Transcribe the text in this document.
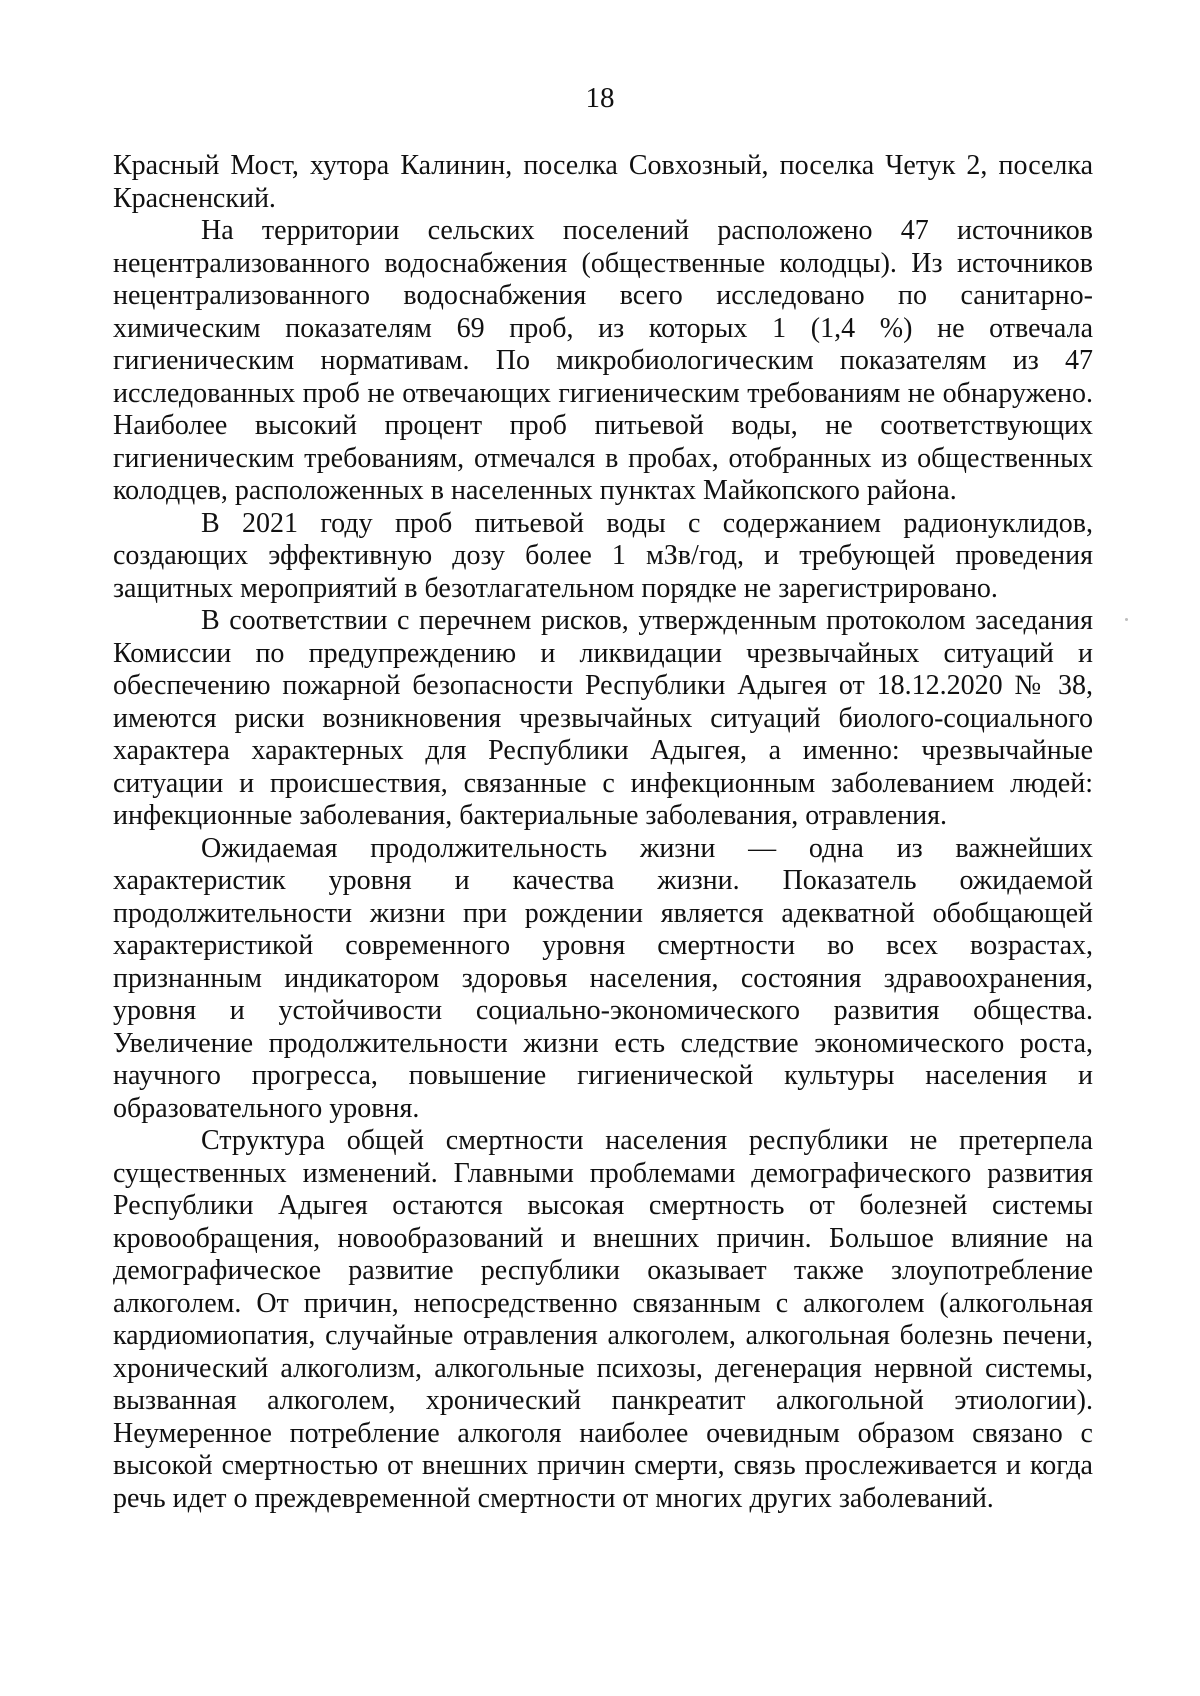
18

Красный Мост, хутора Калинин, поселка Совхозный, поселка Четук 2, поселка Красненский.

На территории сельских поселений расположено 47 источников нецентрализованного водоснабжения (общественные колодцы). Из источников нецентрализованного водоснабжения всего исследовано по санитарно-химическим показателям 69 проб, из которых 1 (1,4 %) не отвечала гигиеническим нормативам. По микробиологическим показателям из 47 исследованных проб не отвечающих гигиеническим требованиям не обнаружено. Наиболее высокий процент проб питьевой воды, не соответствующих гигиеническим требованиям, отмечался в пробах, отобранных из общественных колодцев, расположенных в населенных пунктах Майкопского района.

В 2021 году проб питьевой воды с содержанием радионуклидов, создающих эффективную дозу более 1 мЗв/год, и требующей проведения защитных мероприятий в безотлагательном порядке не зарегистрировано.

В соответствии с перечнем рисков, утвержденным протоколом заседания Комиссии по предупреждению и ликвидации чрезвычайных ситуаций и обеспечению пожарной безопасности Республики Адыгея от 18.12.2020 № 38, имеются риски возникновения чрезвычайных ситуаций биолого-социального характера характерных для Республики Адыгея, а именно: чрезвычайные ситуации и происшествия, связанные с инфекционным заболеванием людей: инфекционные заболевания, бактериальные заболевания, отравления.

Ожидаемая продолжительность жизни — одна из важнейших характеристик уровня и качества жизни. Показатель ожидаемой продолжительности жизни при рождении является адекватной обобщающей характеристикой современного уровня смертности во всех возрастах, признанным индикатором здоровья населения, состояния здравоохранения, уровня и устойчивости социально-экономического развития общества. Увеличение продолжительности жизни есть следствие экономического роста, научного прогресса, повышение гигиенической культуры населения и образовательного уровня.

Структура общей смертности населения республики не претерпела существенных изменений. Главными проблемами демографического развития Республики Адыгея остаются высокая смертность от болезней системы кровообращения, новообразований и внешних причин. Большое влияние на демографическое развитие республики оказывает также злоупотребление алкоголем. От причин, непосредственно связанным с алкоголем (алкогольная кардиомиопатия, случайные отравления алкоголем, алкогольная болезнь печени, хронический алкоголизм, алкогольные психозы, дегенерация нервной системы, вызванная алкоголем, хронический панкреатит алкогольной этиологии). Неумеренное потребление алкоголя наиболее очевидным образом связано с высокой смертностью от внешних причин смерти, связь прослеживается и когда речь идет о преждевременной смертности от многих других заболеваний.
